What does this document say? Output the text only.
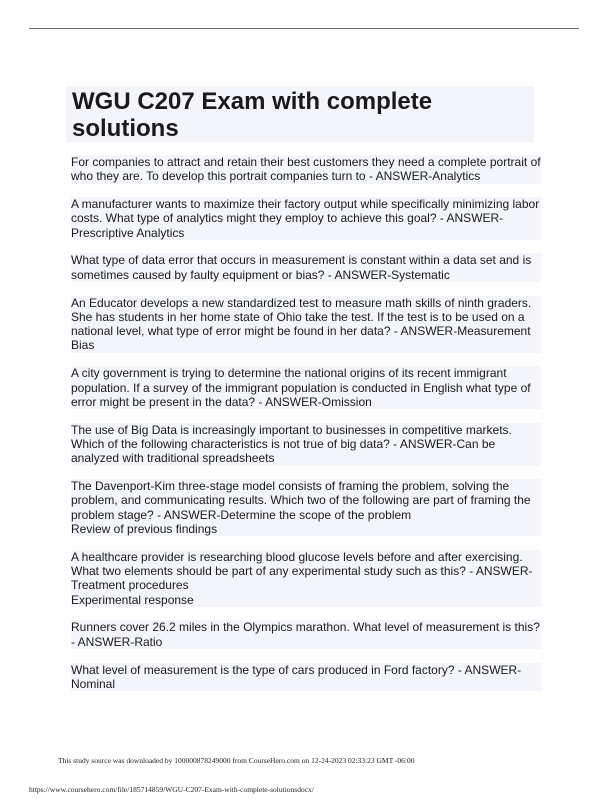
WGU C207 Exam with complete solutions
For companies to attract and retain their best customers they need a complete portrait of who they are. To develop this portrait companies turn to - ANSWER-Analytics
A manufacturer wants to maximize their factory output while specifically minimizing labor costs. What type of analytics might they employ to achieve this goal? - ANSWER-Prescriptive Analytics
What type of data error that occurs in measurement is constant within a data set and is sometimes caused by faulty equipment or bias? - ANSWER-Systematic
An Educator develops a new standardized test to measure math skills of ninth graders. She has students in her home state of Ohio take the test. If the test is to be used on a national level, what type of error might be found in her data? - ANSWER-Measurement Bias
A city government is trying to determine the national origins of its recent immigrant population. If a survey of the immigrant population is conducted in English what type of error might be present in the data? - ANSWER-Omission
The use of Big Data is increasingly important to businesses in competitive markets. Which of the following characteristics is not true of big data? - ANSWER-Can be analyzed with traditional spreadsheets
The Davenport-Kim three-stage model consists of framing the problem, solving the problem, and communicating results. Which two of the following are part of framing the problem stage? - ANSWER-Determine the scope of the problem
Review of previous findings
A healthcare provider is researching blood glucose levels before and after exercising. What two elements should be part of any experimental study such as this? - ANSWER-Treatment procedures
Experimental response
Runners cover 26.2 miles in the Olympics marathon. What level of measurement is this? - ANSWER-Ratio
What level of measurement is the type of cars produced in Ford factory? - ANSWER-Nominal
This study source was downloaded by 100000878249000 from CourseHero.com on 12-24-2023 02:33:23 GMT -06:00
https://www.coursehero.com/file/185714859/WGU-C207-Exam-with-complete-solutionsdocx/
